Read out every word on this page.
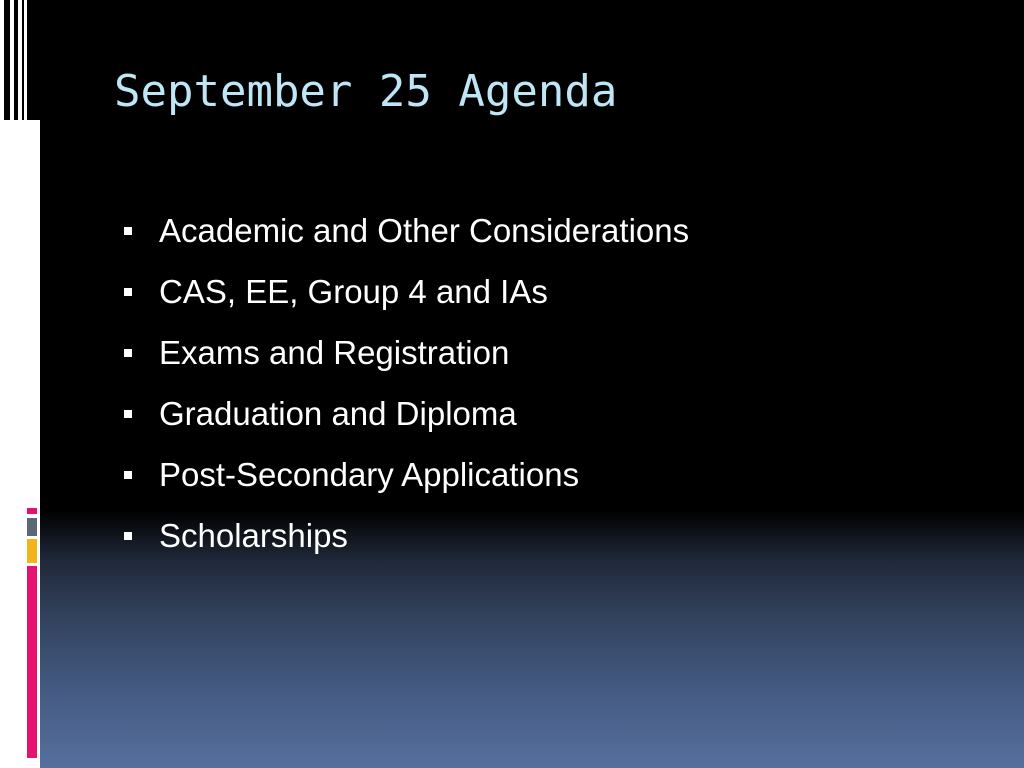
September 25 Agenda
Academic and Other Considerations
CAS, EE, Group 4 and IAs
Exams and Registration
Graduation and Diploma
Post-Secondary Applications
Scholarships
